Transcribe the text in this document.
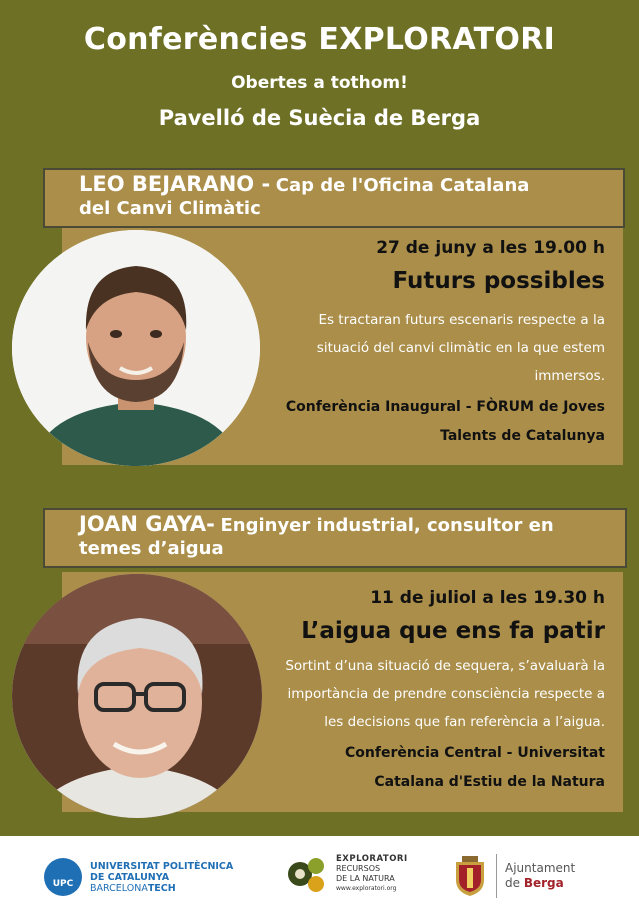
Conferències EXPLORATORI
Obertes a tothom!
Pavelló de Suècia de Berga
27 de juny a les 19.00 h
Futurs possibles
Es tractaran futurs escenaris respecte a la
situació del canvi climàtic en la que estem
immersos.
Conferència Inaugural - FÒRUM de Joves
Talents de Catalunya
LEO BEJARANO - Cap de l'Oficina Catalana
del Canvi Climàtic
11 de juliol a les 19.30 h
L’aigua que ens fa patir
Sortint d’una situació de sequera, s’avaluarà la
importància de prendre consciència respecte a
les decisions que fan referència a l’aigua.
Conferència Central - Universitat
Catalana d'Estiu de la Natura
JOAN GAYA- Enginyer industrial, consultor en
temes d’aigua
UPC
UNIVERSITAT POLITÈCNICA
DE CATALUNYA
BARCELONATECH
EXPLORATORI
RECURSOS
DE LA NATURA
www.exploratori.org
Ajuntament
de Berga
